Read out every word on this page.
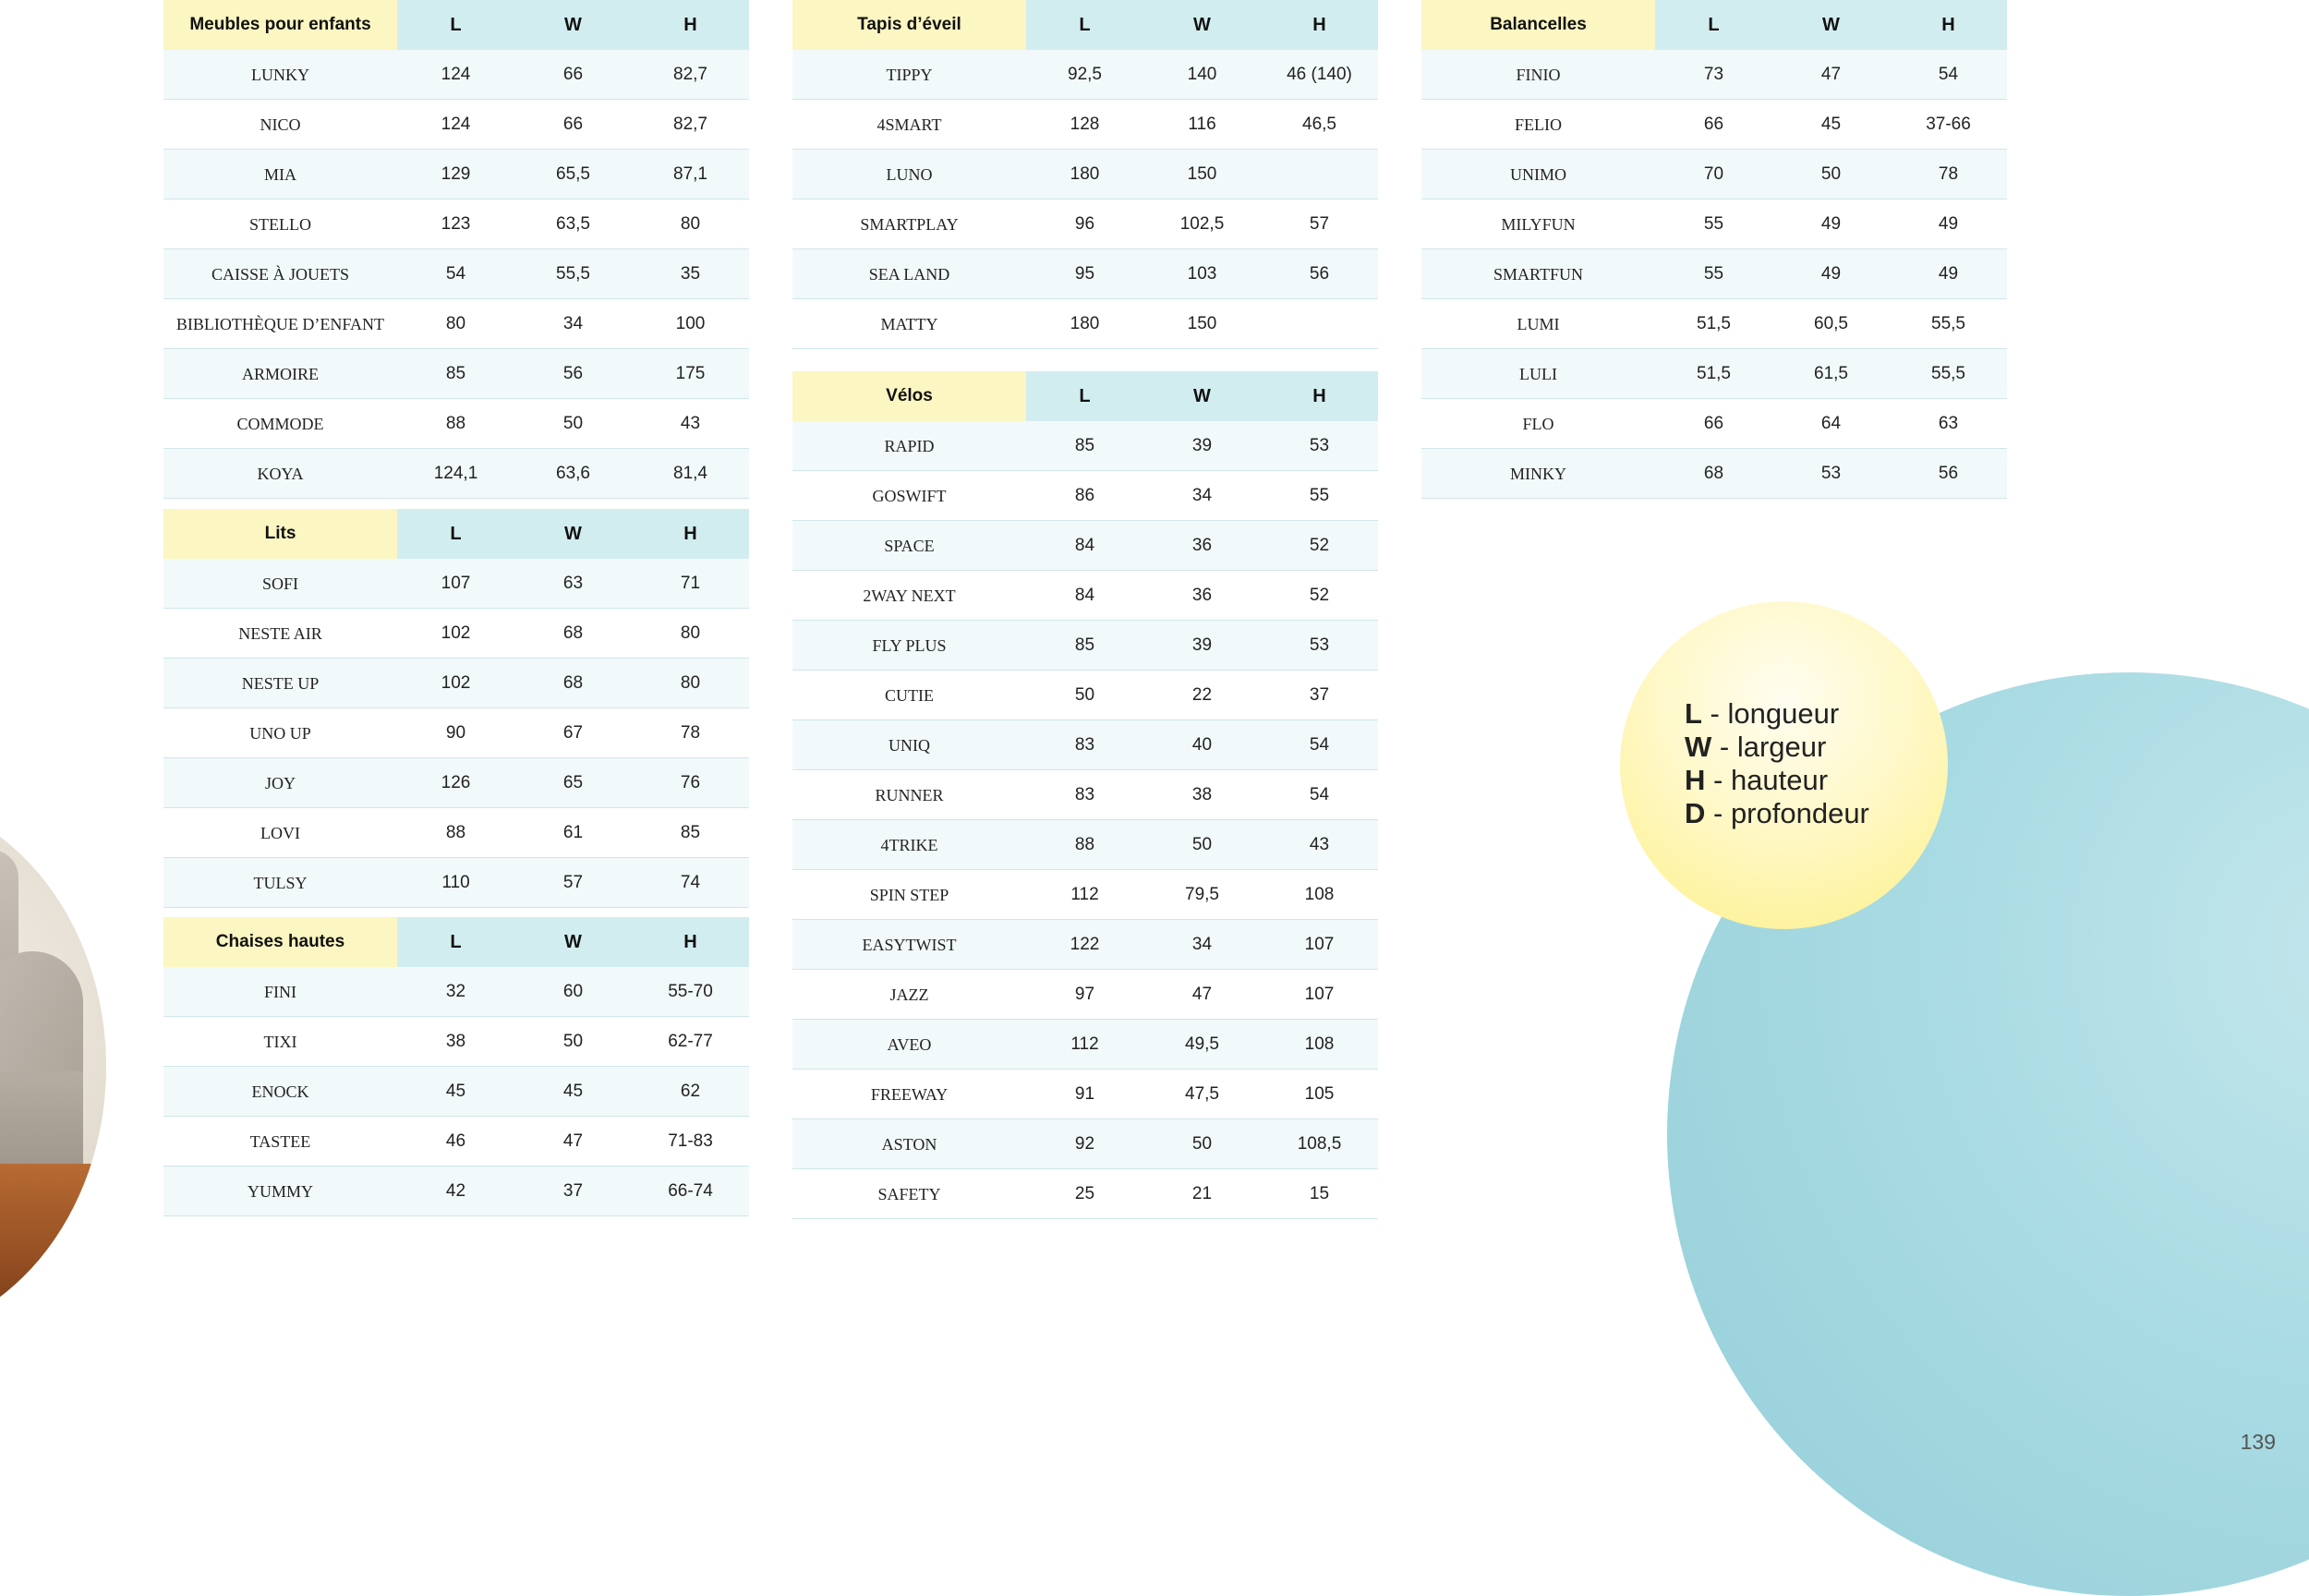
L - longueur
W - largeur
H - hauteur
D - profondeur
139
Meubles pour enfants	L	W	H
LUNKY	124	66	82,7
NICO	124	66	82,7
MIA	129	65,5	87,1
STELLO	123	63,5	80
CAISSE À JOUETS	54	55,5	35
BIBLIOTHÈQUE D’ENFANT	80	34	100
ARMOIRE	85	56	175
COMMODE	88	50	43
KOYA	124,1	63,6	81,4
Lits	L	W	H
SOFI	107	63	71
NESTE AIR	102	68	80
NESTE UP	102	68	80
UNO UP	90	67	78
JOY	126	65	76
LOVI	88	61	85
TULSY	110	57	74
Chaises hautes	L	W	H
FINI	32	60	55-70
TIXI	38	50	62-77
ENOCK	45	45	62
TASTEE	46	47	71-83
YUMMY	42	37	66-74
Tapis d’éveil	L	W	H
TIPPY	92,5	140	46 (140)
4SMART	128	116	46,5
LUNO	180	150	
SMARTPLAY	96	102,5	57
SEA LAND	95	103	56
MATTY	180	150	
Vélos	L	W	H
RAPID	85	39	53
GOSWIFT	86	34	55
SPACE	84	36	52
2WAY NEXT	84	36	52
FLY PLUS	85	39	53
CUTIE	50	22	37
UNIQ	83	40	54
RUNNER	83	38	54
4TRIKE	88	50	43
SPIN STEP	112	79,5	108
EASYTWIST	122	34	107
JAZZ	97	47	107
AVEO	112	49,5	108
FREEWAY	91	47,5	105
ASTON	92	50	108,5
SAFETY	25	21	15
Balancelles	L	W	H
FINIO	73	47	54
FELIO	66	45	37-66
UNIMO	70	50	78
MILYFUN	55	49	49
SMARTFUN	55	49	49
LUMI	51,5	60,5	55,5
LULI	51,5	61,5	55,5
FLO	66	64	63
MINKY	68	53	56
